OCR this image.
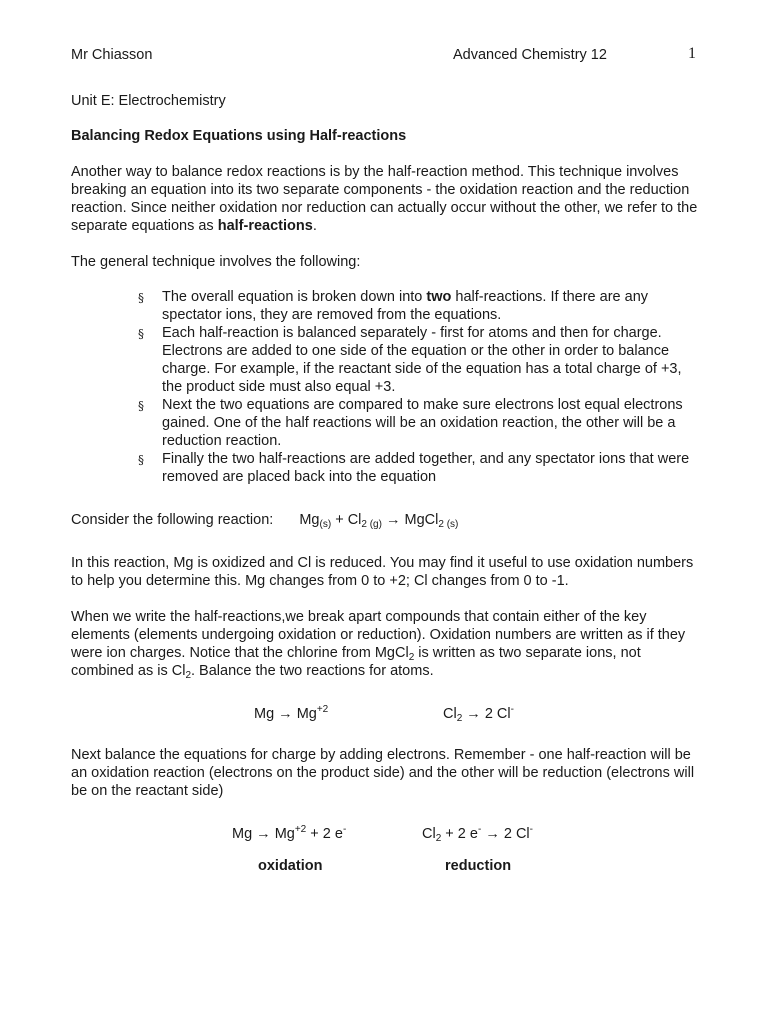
Mr Chiasson	Advanced Chemistry 12	1
Unit E: Electrochemistry
Balancing Redox Equations using Half-reactions
Another way to balance redox reactions is by the half-reaction method. This technique involves breaking an equation into its two separate components - the oxidation reaction and the reduction reaction. Since neither oxidation nor reduction can actually occur without the other, we refer to the separate equations as half-reactions.
The general technique involves the following:
§ The overall equation is broken down into two half-reactions. If there are any spectator ions, they are removed from the equations.
§ Each half-reaction is balanced separately - first for atoms and then for charge. Electrons are added to one side of the equation or the other in order to balance charge. For example, if the reactant side of the equation has a total charge of +3, the product side must also equal +3.
§ Next the two equations are compared to make sure electrons lost equal electrons gained. One of the half reactions will be an oxidation reaction, the other will be a reduction reaction.
§ Finally the two half-reactions are added together, and any spectator ions that were removed are placed back into the equation
Consider the following reaction: $Mg_{(s)} + Cl_{2 (g)}$ → MgCl$_{2 (s)}$
In this reaction, Mg is oxidized and Cl is reduced. You may find it useful to use oxidation numbers to help you determine this. Mg changes from 0 to +2; Cl changes from 0 to -1.
When we write the half-reactions,we break apart compounds that contain either of the key elements (elements undergoing oxidation or reduction). Oxidation numbers are written as if they were ion charges. Notice that the chlorine from MgCl$_2$ is written as two separate ions, not combined as is $Cl_2$. Balance the two reactions for atoms.
$Mg \to Mg^{+2}$	$Cl_2 \to 2$ Cl-
Next balance the equations for charge by adding electrons. Remember - one half-reaction will be an oxidation reaction (electrons on the product side) and the other will be reduction (electrons will be on the reactant side)
$Mg \to Mg^{+2} + 2$ e-	$Cl_2 + 2$ e- → 2 Cl-
oxidation	reduction
